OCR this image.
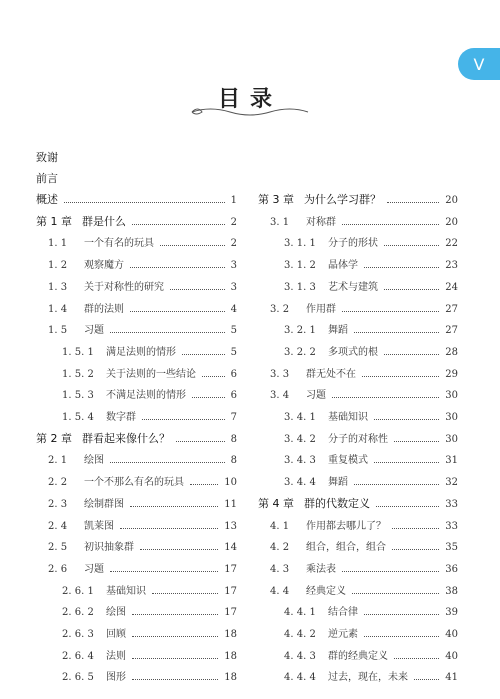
V
目录
致谢
前言
概述	1
第 1 章 群是什么	2
1. 1	一个有名的玩具	2
1. 2	观察魔方	3
1. 3	关于对称性的研究	3
1. 4	群的法则	4
1. 5	习题	5
1. 5. 1	满足法则的情形	5
1. 5. 2	关于法则的一些结论	6
1. 5. 3	不满足法则的情形	6
1. 5. 4	数字群	7
第 2 章 群看起来像什么？	8
2. 1	绘图	8
2. 2	一个不那么有名的玩具	10
2. 3	绘制群图	11
2. 4	凯莱图	13
2. 5	初识抽象群	14
2. 6	习题	17
2. 6. 1	基础知识	17
2. 6. 2	绘图	17
2. 6. 3	回顾	18
2. 6. 4	法则	18
2. 6. 5	图形	18
第 3 章 为什么学习群？	20
3. 1	对称群	20
3. 1. 1	分子的形状	22
3. 1. 2	晶体学	23
3. 1. 3	艺术与建筑	24
3. 2	作用群	27
3. 2. 1	舞蹈	27
3. 2. 2	多项式的根	28
3. 3	群无处不在	29
3. 4	习题	30
3. 4. 1	基础知识	30
3. 4. 2	分子的对称性	30
3. 4. 3	重复模式	31
3. 4. 4	舞蹈	32
第 4 章 群的代数定义	33
4. 1	作用都去哪儿了？	33
4. 2	组合，组合，组合	35
4. 3	乘法表	36
4. 4	经典定义	38
4. 4. 1	结合律	39
4. 4. 2	逆元素	40
4. 4. 3	群的经典定义	40
4. 4. 4	过去，现在，未来	41
